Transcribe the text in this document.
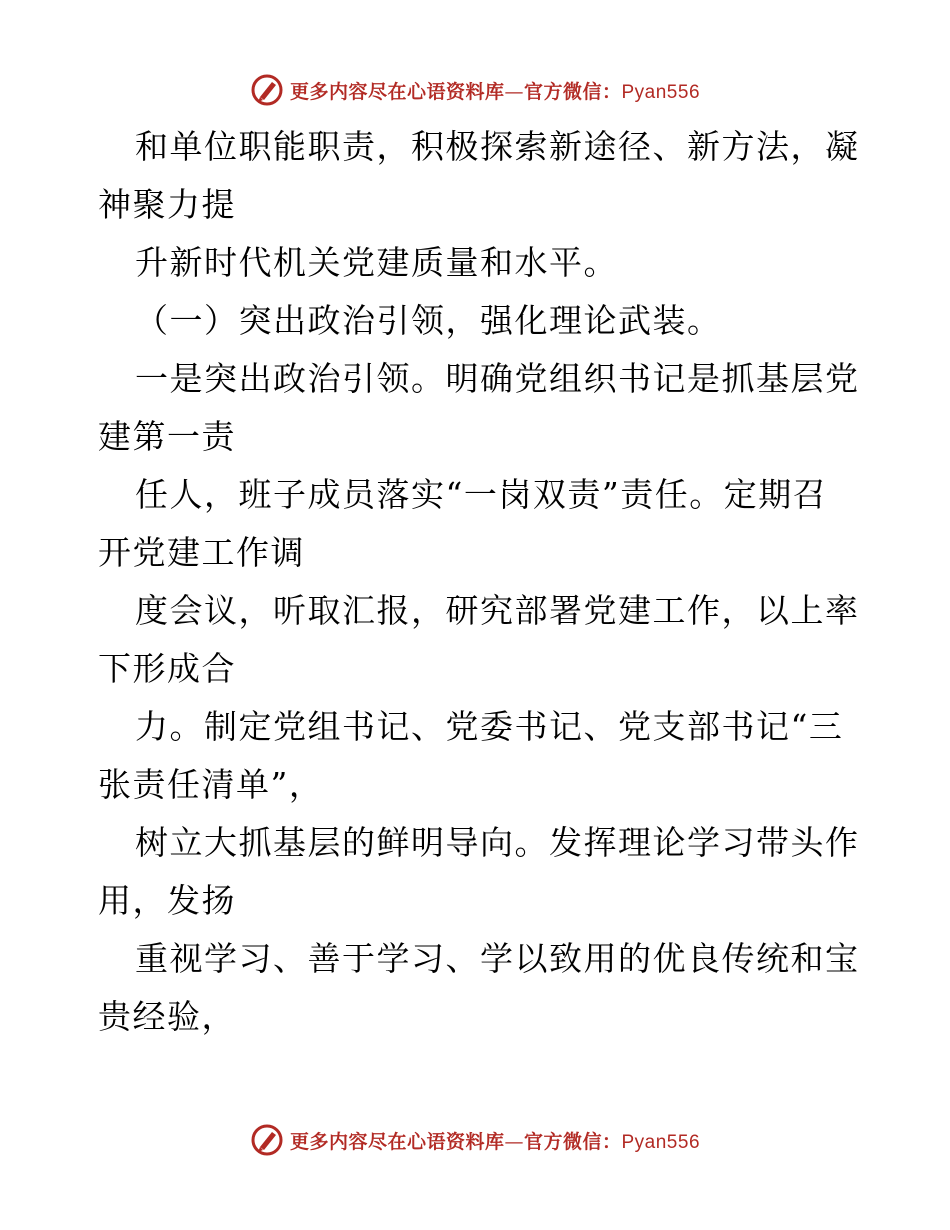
更多内容尽在心语资料库—官方微信：Pyan556
和单位职能职责，积极探索新途径、新方法，凝
神聚力提
升新时代机关党建质量和水平。
（一）突出政治引领，强化理论武装。
一是突出政治引领。明确党组织书记是抓基层党
建第一责
任人，班子成员落实“一岗双责”责任。定期召
开党建工作调
度会议，听取汇报，研究部署党建工作，以上率
下形成合
力。制定党组书记、党委书记、党支部书记“三
张责任清单”，
树立大抓基层的鲜明导向。发挥理论学习带头作
用，发扬
重视学习、善于学习、学以致用的优良传统和宝
贵经验，
更多内容尽在心语资料库—官方微信：Pyan556
